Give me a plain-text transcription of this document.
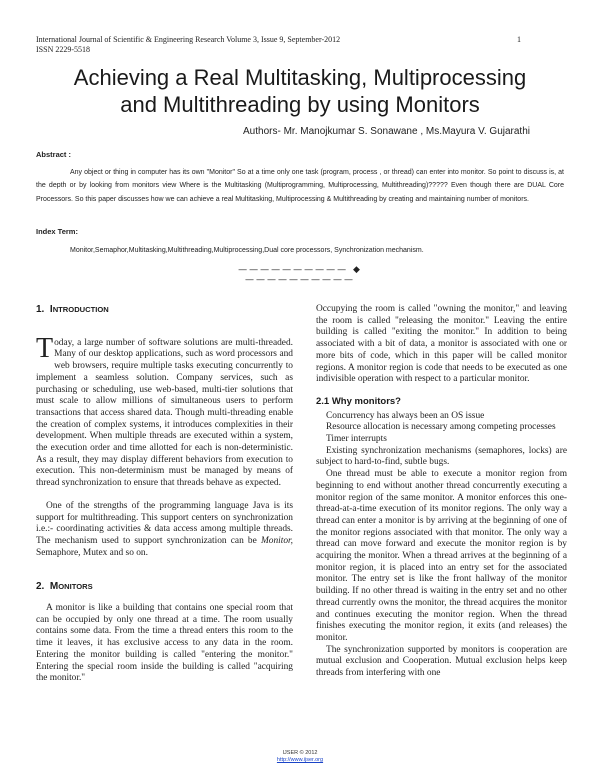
International Journal of Scientific & Engineering Research Volume 3, Issue 9, September-2012
ISSN 2229-5518
1
Achieving a Real Multitasking, Multiprocessing
and Multithreading by using Monitors
Authors- Mr. Manojkumar S. Sonawane , Ms.Mayura V. Gujarathi
Abstract :
Any object or thing in computer has its own "Monitor" So at a time only one task (program, process , or thread) can enter into monitor. So point to discuss is, at the depth or by looking from monitors view Where is the Multitasking (Multiprogramming, Multiprocessing, Multithreading)????? Even though there are DUAL Core Processors. So this paper discusses how we can achieve a real Multitasking, Multiprocessing & Multithreading by creating and maintaining number of monitors.
Index Term:
Monitor,Semaphor,Multitasking,Multithreading,Multiprocessing,Dual core processors, Synchronization mechanism.
—————————— ◆ ——————————
1. INTRODUCTION

Today, a large number of software solutions are multi-threaded. Many of our desktop applications, such as word processors and web browsers, require multiple tasks executing concurrently to implement a seamless solution. Company services, such as purchasing or scheduling, use web-based, multi-tier solutions that must scale to allow millions of simultaneous users to perform transactions that access shared data. Though multi-threading enable the creation of complex systems, it introduces complexities in their development. When multiple threads are executed within a system, the execution order and time allotted for each is non-deterministic. As a result, they may display different behaviors from execution to execution. This non-determinism must be managed by means of thread synchronization to ensure that threads behave as expected.

One of the strengths of the programming language Java is its support for multithreading. This support centers on synchronization i.e.:- coordinating activities & data access among multiple threads. The mechanism used to support synchronization can be Monitor, Semaphore, Mutex and so on.

2. MONITORS

A monitor is like a building that contains one special room that can be occupied by only one thread at a time. The room usually contains some data. From the time a thread enters this room to the time it leaves, it has exclusive access to any data in the room. Entering the monitor building is called "entering the monitor." Entering the special room inside the building is called "acquiring the monitor."

Occupying the room is called "owning the monitor," and leaving the room is called "releasing the monitor." Leaving the entire building is called "exiting the monitor." In addition to being associated with a bit of data, a monitor is associated with one or more bits of code, which in this paper will be called monitor regions. A monitor region is code that needs to be executed as one indivisible operation with respect to a particular monitor.

2.1 Why monitors?

Concurrency has always been an OS issue

Resource allocation is necessary among competing processes

Timer interrupts

Existing synchronization mechanisms (semaphores, locks) are subject to hard-to-find, subtle bugs.

One thread must be able to execute a monitor region from beginning to end without another thread concurrently executing a monitor region of the same monitor. A monitor enforces this one-thread-at-a-time execution of its monitor regions. The only way a thread can enter a monitor is by arriving at the beginning of one of the monitor regions associated with that monitor. The only way a thread can move forward and execute the monitor region is by acquiring the monitor. When a thread arrives at the beginning of a monitor region, it is placed into an entry set for the associated monitor. The entry set is like the front hallway of the monitor building. If no other thread is waiting in the entry set and no other thread currently owns the monitor, the thread acquires the monitor and continues executing the monitor region. When the thread finishes executing the monitor region, it exits (and releases) the monitor.

The synchronization supported by monitors is cooperation are mutual exclusion and Cooperation. Mutual exclusion helps keep threads from interfering with one

IJSER © 2012
http://www.ijser.org
